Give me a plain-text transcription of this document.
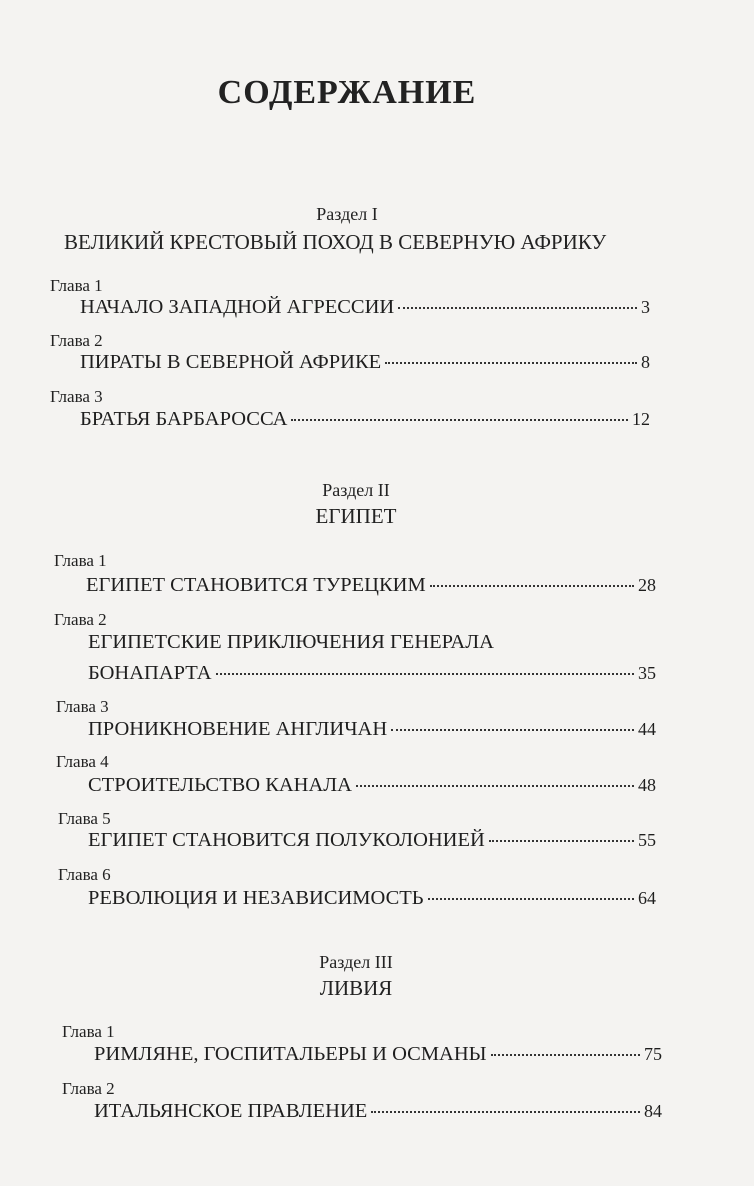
СОДЕРЖАНИЕ
Раздел I
ВЕЛИКИЙ КРЕСТОВЫЙ ПОХОД В СЕВЕРНУЮ АФРИКУ
Глава 1
НАЧАЛО ЗАПАДНОЙ АГРЕССИИ	3
Глава 2
ПИРАТЫ В СЕВЕРНОЙ АФРИКЕ	8
Глава 3
БРАТЬЯ БАРБАРОССА	12
Раздел II
ЕГИПЕТ
Глава 1
ЕГИПЕТ СТАНОВИТСЯ ТУРЕЦКИМ	28
Глава 2
ЕГИПЕТСКИЕ ПРИКЛЮЧЕНИЯ ГЕНЕРАЛА
БОНАПАРТА	35
Глава 3
ПРОНИКНОВЕНИЕ АНГЛИЧАН	44
Глава 4
СТРОИТЕЛЬСТВО КАНАЛА	48
Глава 5
ЕГИПЕТ СТАНОВИТСЯ ПОЛУКОЛОНИЕЙ	55
Глава 6
РЕВОЛЮЦИЯ И НЕЗАВИСИМОСТЬ	64
Раздел III
ЛИВИЯ
Глава 1
РИМЛЯНЕ, ГОСПИТАЛЬЕРЫ И ОСМАНЫ	75
Глава 2
ИТАЛЬЯНСКОЕ ПРАВЛЕНИЕ	84
